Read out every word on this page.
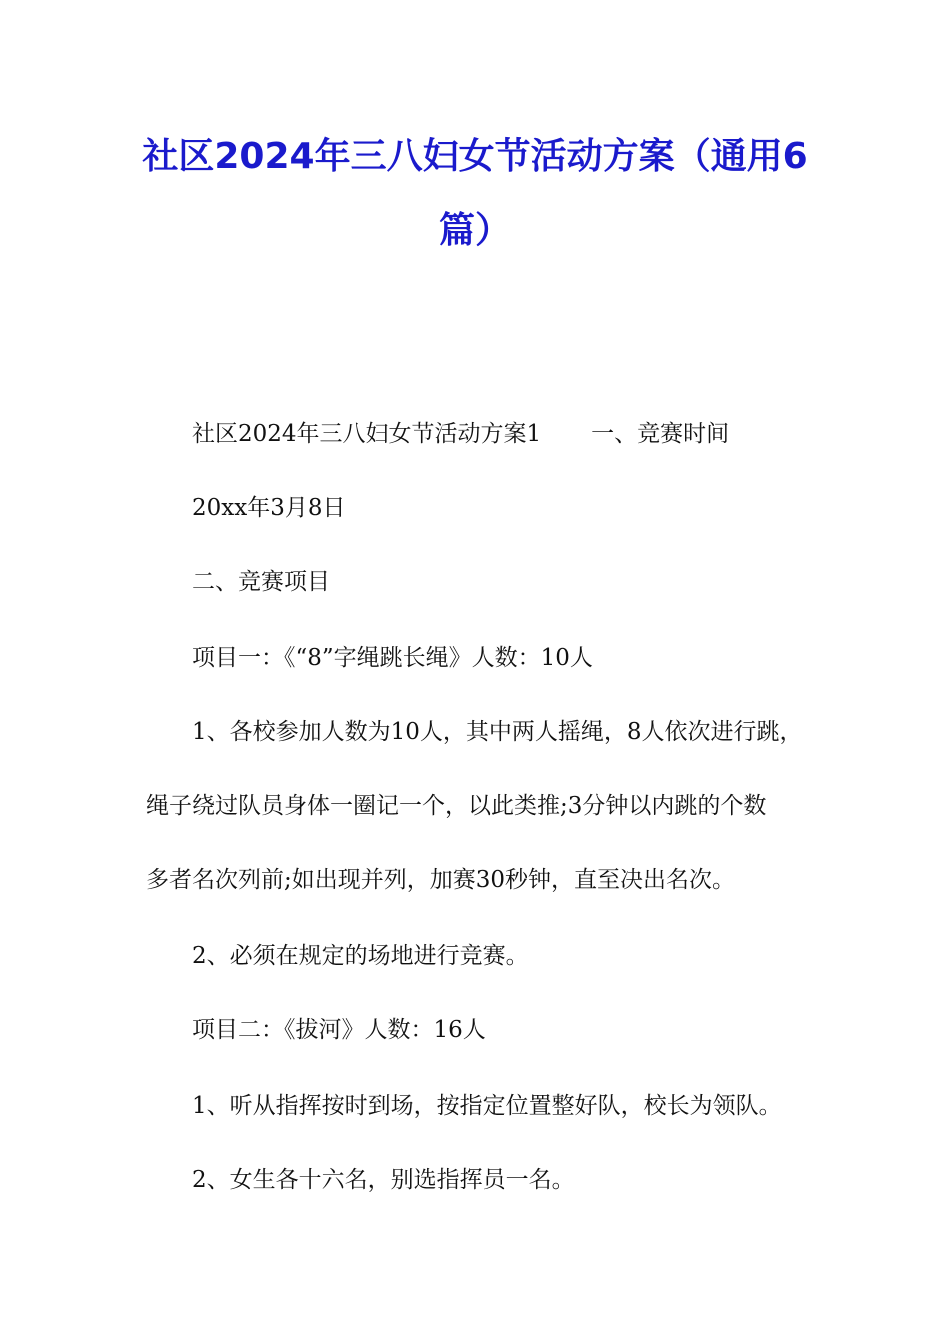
社区2024年三八妇女节活动方案（通用6
篇）

社区2024年三八妇女节活动方案1 一、竞赛时间

20xx年3月8日

二、竞赛项目

项目一：《“8”字绳跳长绳》人数：10人

1、各校参加人数为10人，其中两人摇绳，8人依次进行跳，

绳子绕过队员身体一圈记一个，以此类推;3分钟以内跳的个数

多者名次列前;如出现并列，加赛30秒钟，直至决出名次。

2、必须在规定的场地进行竞赛。

项目二：《拔河》人数：16人

1、听从指挥按时到场，按指定位置整好队，校长为领队。

2、女生各十六名，别选指挥员一名。
